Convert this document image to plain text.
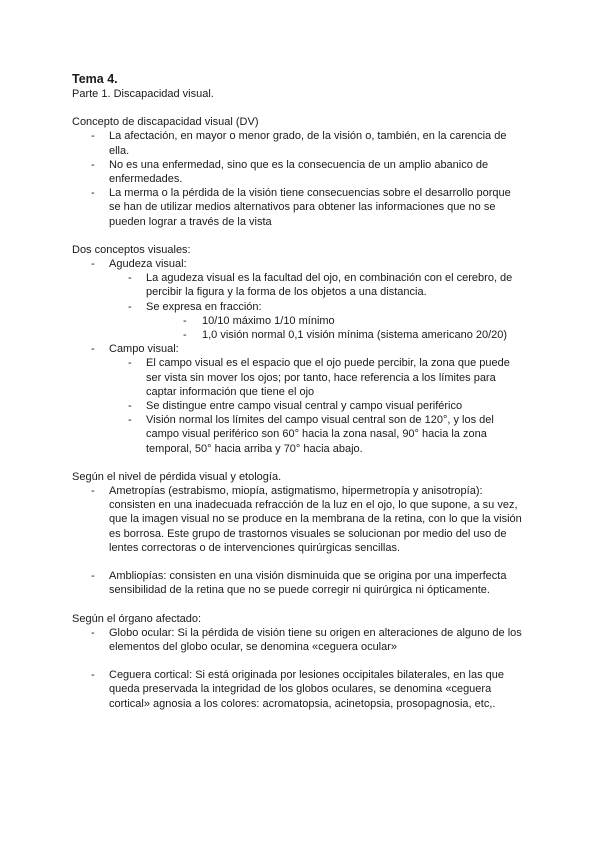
Tema 4.

Parte 1. Discapacidad visual.

Concepto de discapacidad visual (DV)

- La afectación, en mayor o menor grado, de la visión o, también, en la carencia de ella.
- No es una enfermedad, sino que es la consecuencia de un amplio abanico de enfermedades.
- La merma o la pérdida de la visión tiene consecuencias sobre el desarrollo porque se han de utilizar medios alternativos para obtener las informaciones que no se pueden lograr a través de la vista

Dos conceptos visuales:

- Agudeza visual:
- La agudeza visual es la facultad del ojo, en combinación con el cerebro, de percibir la figura y la forma de los objetos a una distancia.
- Se expresa en fracción:
- 10/10 máximo 1/10 mínimo
- 1,0 visión normal 0,1 visión mínima (sistema americano 20/20)
- Campo visual:
- El campo visual es el espacio que el ojo puede percibir, la zona que puede ser vista sin mover los ojos; por tanto, hace referencia a los límites para captar información que tiene el ojo
- Se distingue entre campo visual central y campo visual periférico
- Visión normal los límites del campo visual central son de 120°, y los del campo visual periférico son 60° hacia la zona nasal, 90° hacia la zona temporal, 50° hacia arriba y 70° hacia abajo.

Según el nivel de pérdida visual y etología.

- Ametropías (estrabismo, miopía, astigmatismo, hipermetropía y anisotropía): consisten en una inadecuada refracción de la luz en el ojo, lo que supone, a su vez, que la imagen visual no se produce en la membrana de la retina, con lo que la visión es borrosa. Este grupo de trastornos visuales se solucionan por medio del uso de lentes correctoras o de intervenciones quirúrgicas sencillas.
- Ambliopías: consisten en una visión disminuida que se origina por una imperfecta sensibilidad de la retina que no se puede corregir ni quirúrgica ni ópticamente.

Según el órgano afectado:

- Globo ocular: Si la pérdida de visión tiene su origen en alteraciones de alguno de los elementos del globo ocular, se denomina «ceguera ocular»
- Ceguera cortical: Si está originada por lesiones occipitales bilaterales, en las que queda preservada la integridad de los globos oculares, se denomina «ceguera cortical» agnosia a los colores: acromatopsia, acinetopsia, prosopagnosia, etc,.
